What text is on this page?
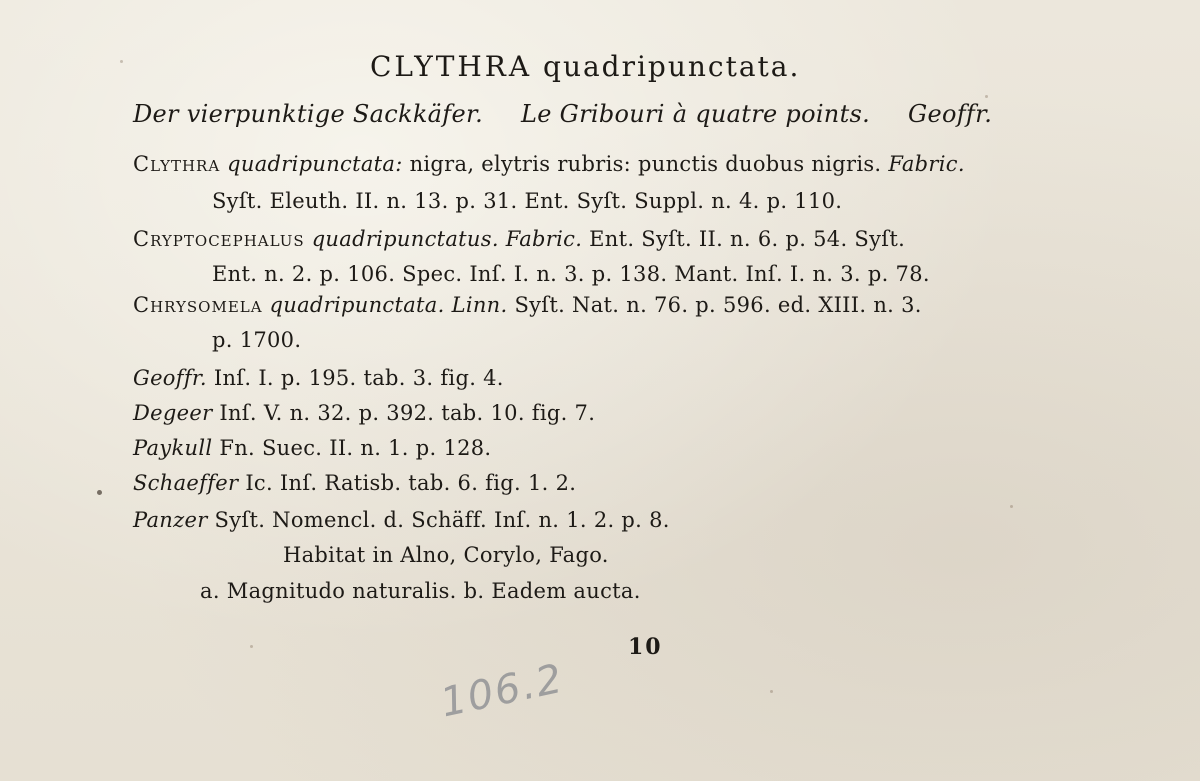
CLYTHRA quadripunctata.
Der vierpunktige Sackkäfer. Le Gribouri à quatre points. Geoffr.
Clythra quadripunctata: nigra, elytris rubris: punctis duobus nigris. Fabric.
Syſt. Eleuth. II. n. 13. p. 31. Ent. Syſt. Suppl. n. 4. p. 110.
Cryptocephalus quadripunctatus. Fabric. Ent. Syſt. II. n. 6. p. 54. Syſt.
Ent. n. 2. p. 106. Spec. Inſ. I. n. 3. p. 138. Mant. Inſ. I. n. 3. p. 78.
Chrysomela quadripunctata. Linn. Syſt. Nat. n. 76. p. 596. ed. XIII. n. 3.
p. 1700.
Geoffr. Inſ. I. p. 195. tab. 3. fig. 4.
Degeer Inſ. V. n. 32. p. 392. tab. 10. fig. 7.
Paykull Fn. Suec. II. n. 1. p. 128.
Schaeffer Ic. Inſ. Ratisb. tab. 6. fig. 1. 2.
Panzer Syſt. Nomencl. d. Schäff. Inſ. n. 1. 2. p. 8.
Habitat in Alno, Corylo, Fago.
a. Magnitudo naturalis. b. Eadem aucta.
10
106.2
